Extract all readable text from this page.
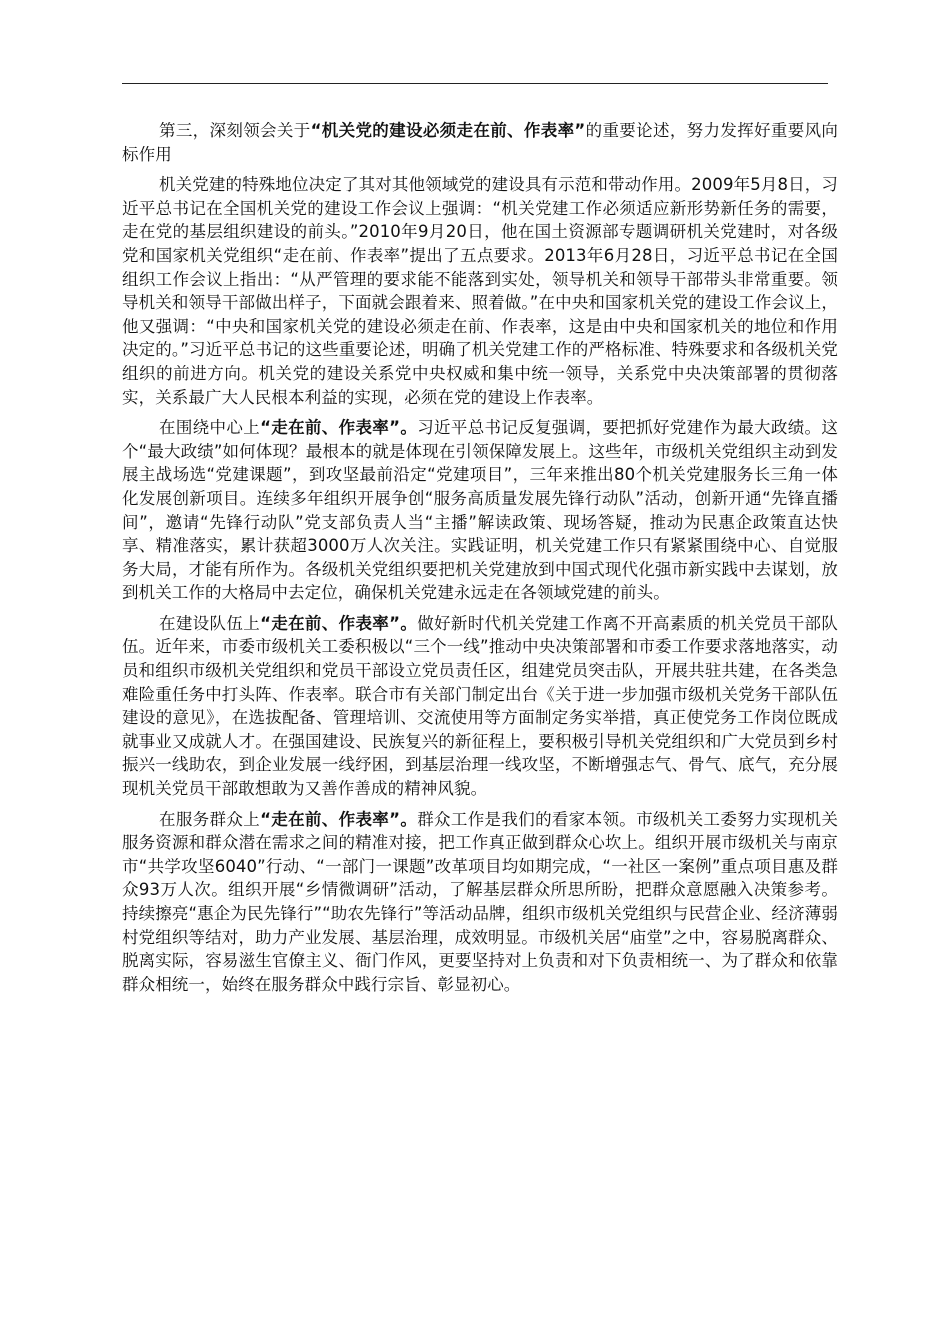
第三，深刻领会关于“机关党的建设必须走在前、作表率”的重要论述，努力发挥好重要风向标作用

机关党建的特殊地位决定了其对其他领域党的建设具有示范和带动作用。2009年5月8日，习近平总书记在全国机关党的建设工作会议上强调：“机关党建工作必须适应新形势新任务的需要，走在党的基层组织建设的前头。”2010年9月20日，他在国土资源部专题调研机关党建时，对各级党和国家机关党组织“走在前、作表率”提出了五点要求。2013年6月28日，习近平总书记在全国组织工作会议上指出：“从严管理的要求能不能落到实处，领导机关和领导干部带头非常重要。领导机关和领导干部做出样子，下面就会跟着来、照着做。”在中央和国家机关党的建设工作会议上，他又强调：“中央和国家机关党的建设必须走在前、作表率，这是由中央和国家机关的地位和作用决定的。”习近平总书记的这些重要论述，明确了机关党建工作的严格标准、特殊要求和各级机关党组织的前进方向。机关党的建设关系党中央权威和集中统一领导，关系党中央决策部署的贯彻落实，关系最广大人民根本利益的实现，必须在党的建设上作表率。

在围绕中心上“走在前、作表率”。习近平总书记反复强调，要把抓好党建作为最大政绩。这个“最大政绩”如何体现？最根本的就是体现在引领保障发展上。这些年，市级机关党组织主动到发展主战场选“党建课题”，到攻坚最前沿定“党建项目”，三年来推出80个机关党建服务长三角一体化发展创新项目。连续多年组织开展争创“服务高质量发展先锋行动队”活动，创新开通“先锋直播间”，邀请“先锋行动队”党支部负责人当“主播”解读政策、现场答疑，推动为民惠企政策直达快享、精准落实，累计获超3000万人次关注。实践证明，机关党建工作只有紧紧围绕中心、自觉服务大局，才能有所作为。各级机关党组织要把机关党建放到中国式现代化强市新实践中去谋划，放到机关工作的大格局中去定位，确保机关党建永远走在各领域党建的前头。

在建设队伍上“走在前、作表率”。做好新时代机关党建工作离不开高素质的机关党员干部队伍。近年来，市委市级机关工委积极以“三个一线”推动中央决策部署和市委工作要求落地落实，动员和组织市级机关党组织和党员干部设立党员责任区，组建党员突击队，开展共驻共建，在各类急难险重任务中打头阵、作表率。联合市有关部门制定出台《关于进一步加强市级机关党务干部队伍建设的意见》，在选拔配备、管理培训、交流使用等方面制定务实举措，真正使党务工作岗位既成就事业又成就人才。在强国建设、民族复兴的新征程上，要积极引导机关党组织和广大党员到乡村振兴一线助农，到企业发展一线纾困，到基层治理一线攻坚，不断增强志气、骨气、底气，充分展现机关党员干部敢想敢为又善作善成的精神风貌。

在服务群众上“走在前、作表率”。群众工作是我们的看家本领。市级机关工委努力实现机关服务资源和群众潜在需求之间的精准对接，把工作真正做到群众心坎上。组织开展市级机关与南京市“共学攻坚6040”行动、“一部门一课题”改革项目均如期完成，“一社区一案例”重点项目惠及群众93万人次。组织开展“乡情微调研”活动，了解基层群众所思所盼，把群众意愿融入决策参考。持续擦亮“惠企为民先锋行”“助农先锋行”等活动品牌，组织市级机关党组织与民营企业、经济薄弱村党组织等结对，助力产业发展、基层治理，成效明显。市级机关居“庙堂”之中，容易脱离群众、脱离实际，容易滋生官僚主义、衙门作风，更要坚持对上负责和对下负责相统一、为了群众和依靠群众相统一，始终在服务群众中践行宗旨、彰显初心。
